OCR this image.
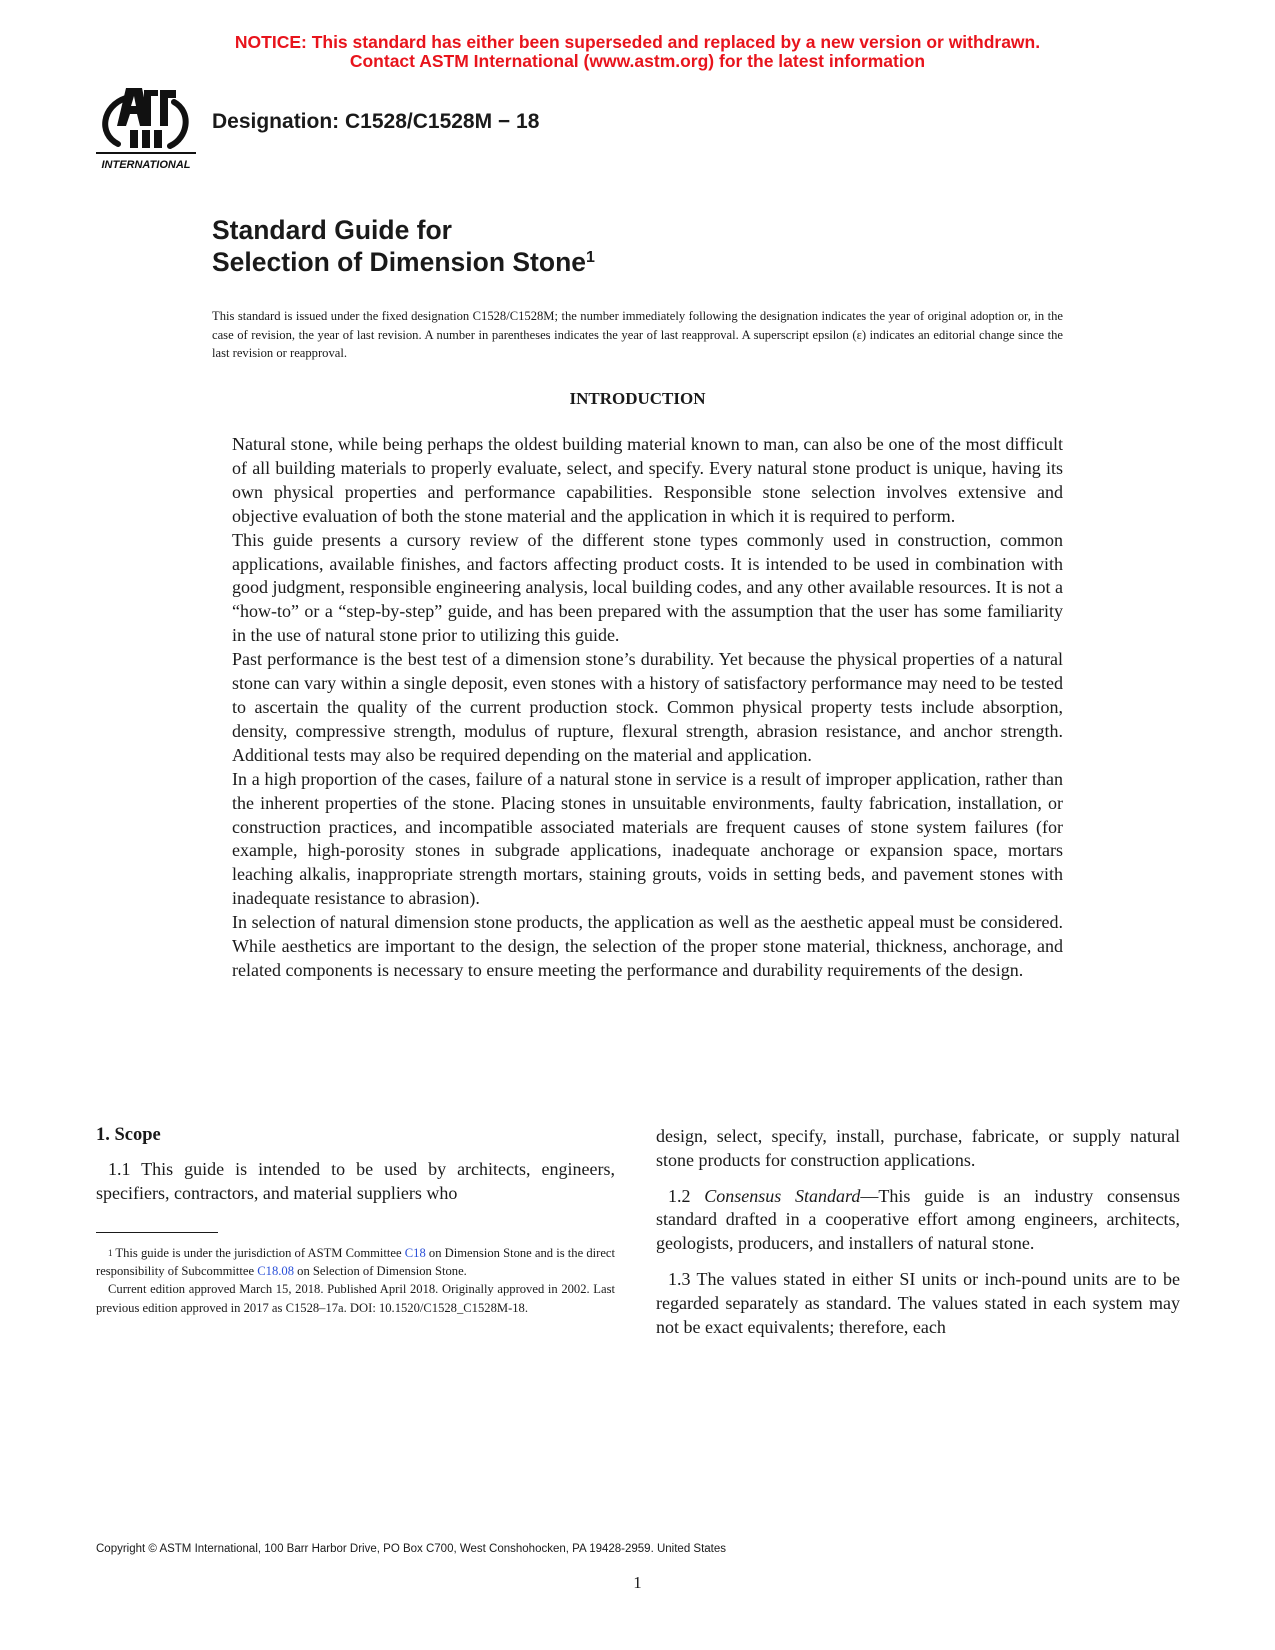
NOTICE: This standard has either been superseded and replaced by a new version or withdrawn.
Contact ASTM International (www.astm.org) for the latest information
INTERNATIONAL
Designation: C1528/C1528M − 18
Standard Guide for
Selection of Dimension Stone$^1$
This standard is issued under the fixed designation C1528/C1528M; the number immediately following the designation indicates the year of original adoption or, in the case of revision, the year of last revision. A number in parentheses indicates the year of last reapproval. A superscript epsilon (ε) indicates an editorial change since the last revision or reapproval.
INTRODUCTION

Natural stone, while being perhaps the oldest building material known to man, can also be one of the most difficult of all building materials to properly evaluate, select, and specify. Every natural stone product is unique, having its own physical properties and performance capabilities. Responsible stone selection involves extensive and objective evaluation of both the stone material and the application in which it is required to perform.

This guide presents a cursory review of the different stone types commonly used in construction, common applications, available finishes, and factors affecting product costs. It is intended to be used in combination with good judgment, responsible engineering analysis, local building codes, and any other available resources. It is not a “how-to” or a “step-by-step” guide, and has been prepared with the assumption that the user has some familiarity in the use of natural stone prior to utilizing this guide.

Past performance is the best test of a dimension stone’s durability. Yet because the physical properties of a natural stone can vary within a single deposit, even stones with a history of satisfactory performance may need to be tested to ascertain the quality of the current production stock. Common physical property tests include absorption, density, compressive strength, modulus of rupture, flexural strength, abrasion resistance, and anchor strength. Additional tests may also be required depending on the material and application.

In a high proportion of the cases, failure of a natural stone in service is a result of improper application, rather than the inherent properties of the stone. Placing stones in unsuitable environments, faulty fabrication, installation, or construction practices, and incompatible associated materials are frequent causes of stone system failures (for example, high-porosity stones in subgrade applications, inadequate anchorage or expansion space, mortars leaching alkalis, inappropriate strength mortars, staining grouts, voids in setting beds, and pavement stones with inadequate resistance to abrasion).

In selection of natural dimension stone products, the application as well as the aesthetic appeal must be considered. While aesthetics are important to the design, the selection of the proper stone material, thickness, anchorage, and related components is necessary to ensure meeting the performance and durability requirements of the design.

1. Scope

1.1 This guide is intended to be used by architects, engineers, specifiers, contractors, and material suppliers who

$^1$ This guide is under the jurisdiction of ASTM Committee C18 on Dimension Stone and is the direct responsibility of Subcommittee C18.08 on Selection of Dimension Stone.

Current edition approved March 15, 2018. Published April 2018. Originally approved in 2002. Last previous edition approved in 2017 as C1528–17a. DOI: 10.1520/C1528_C1528M-18.

design, select, specify, install, purchase, fabricate, or supply natural stone products for construction applications.

1.2 Consensus Standard—This guide is an industry consensus standard drafted in a cooperative effort among engineers, architects, geologists, producers, and installers of natural stone.

1.3 The values stated in either SI units or inch-pound units are to be regarded separately as standard. The values stated in each system may not be exact equivalents; therefore, each

Copyright © ASTM International, 100 Barr Harbor Drive, PO Box C700, West Conshohocken, PA 19428-2959. United States
1
